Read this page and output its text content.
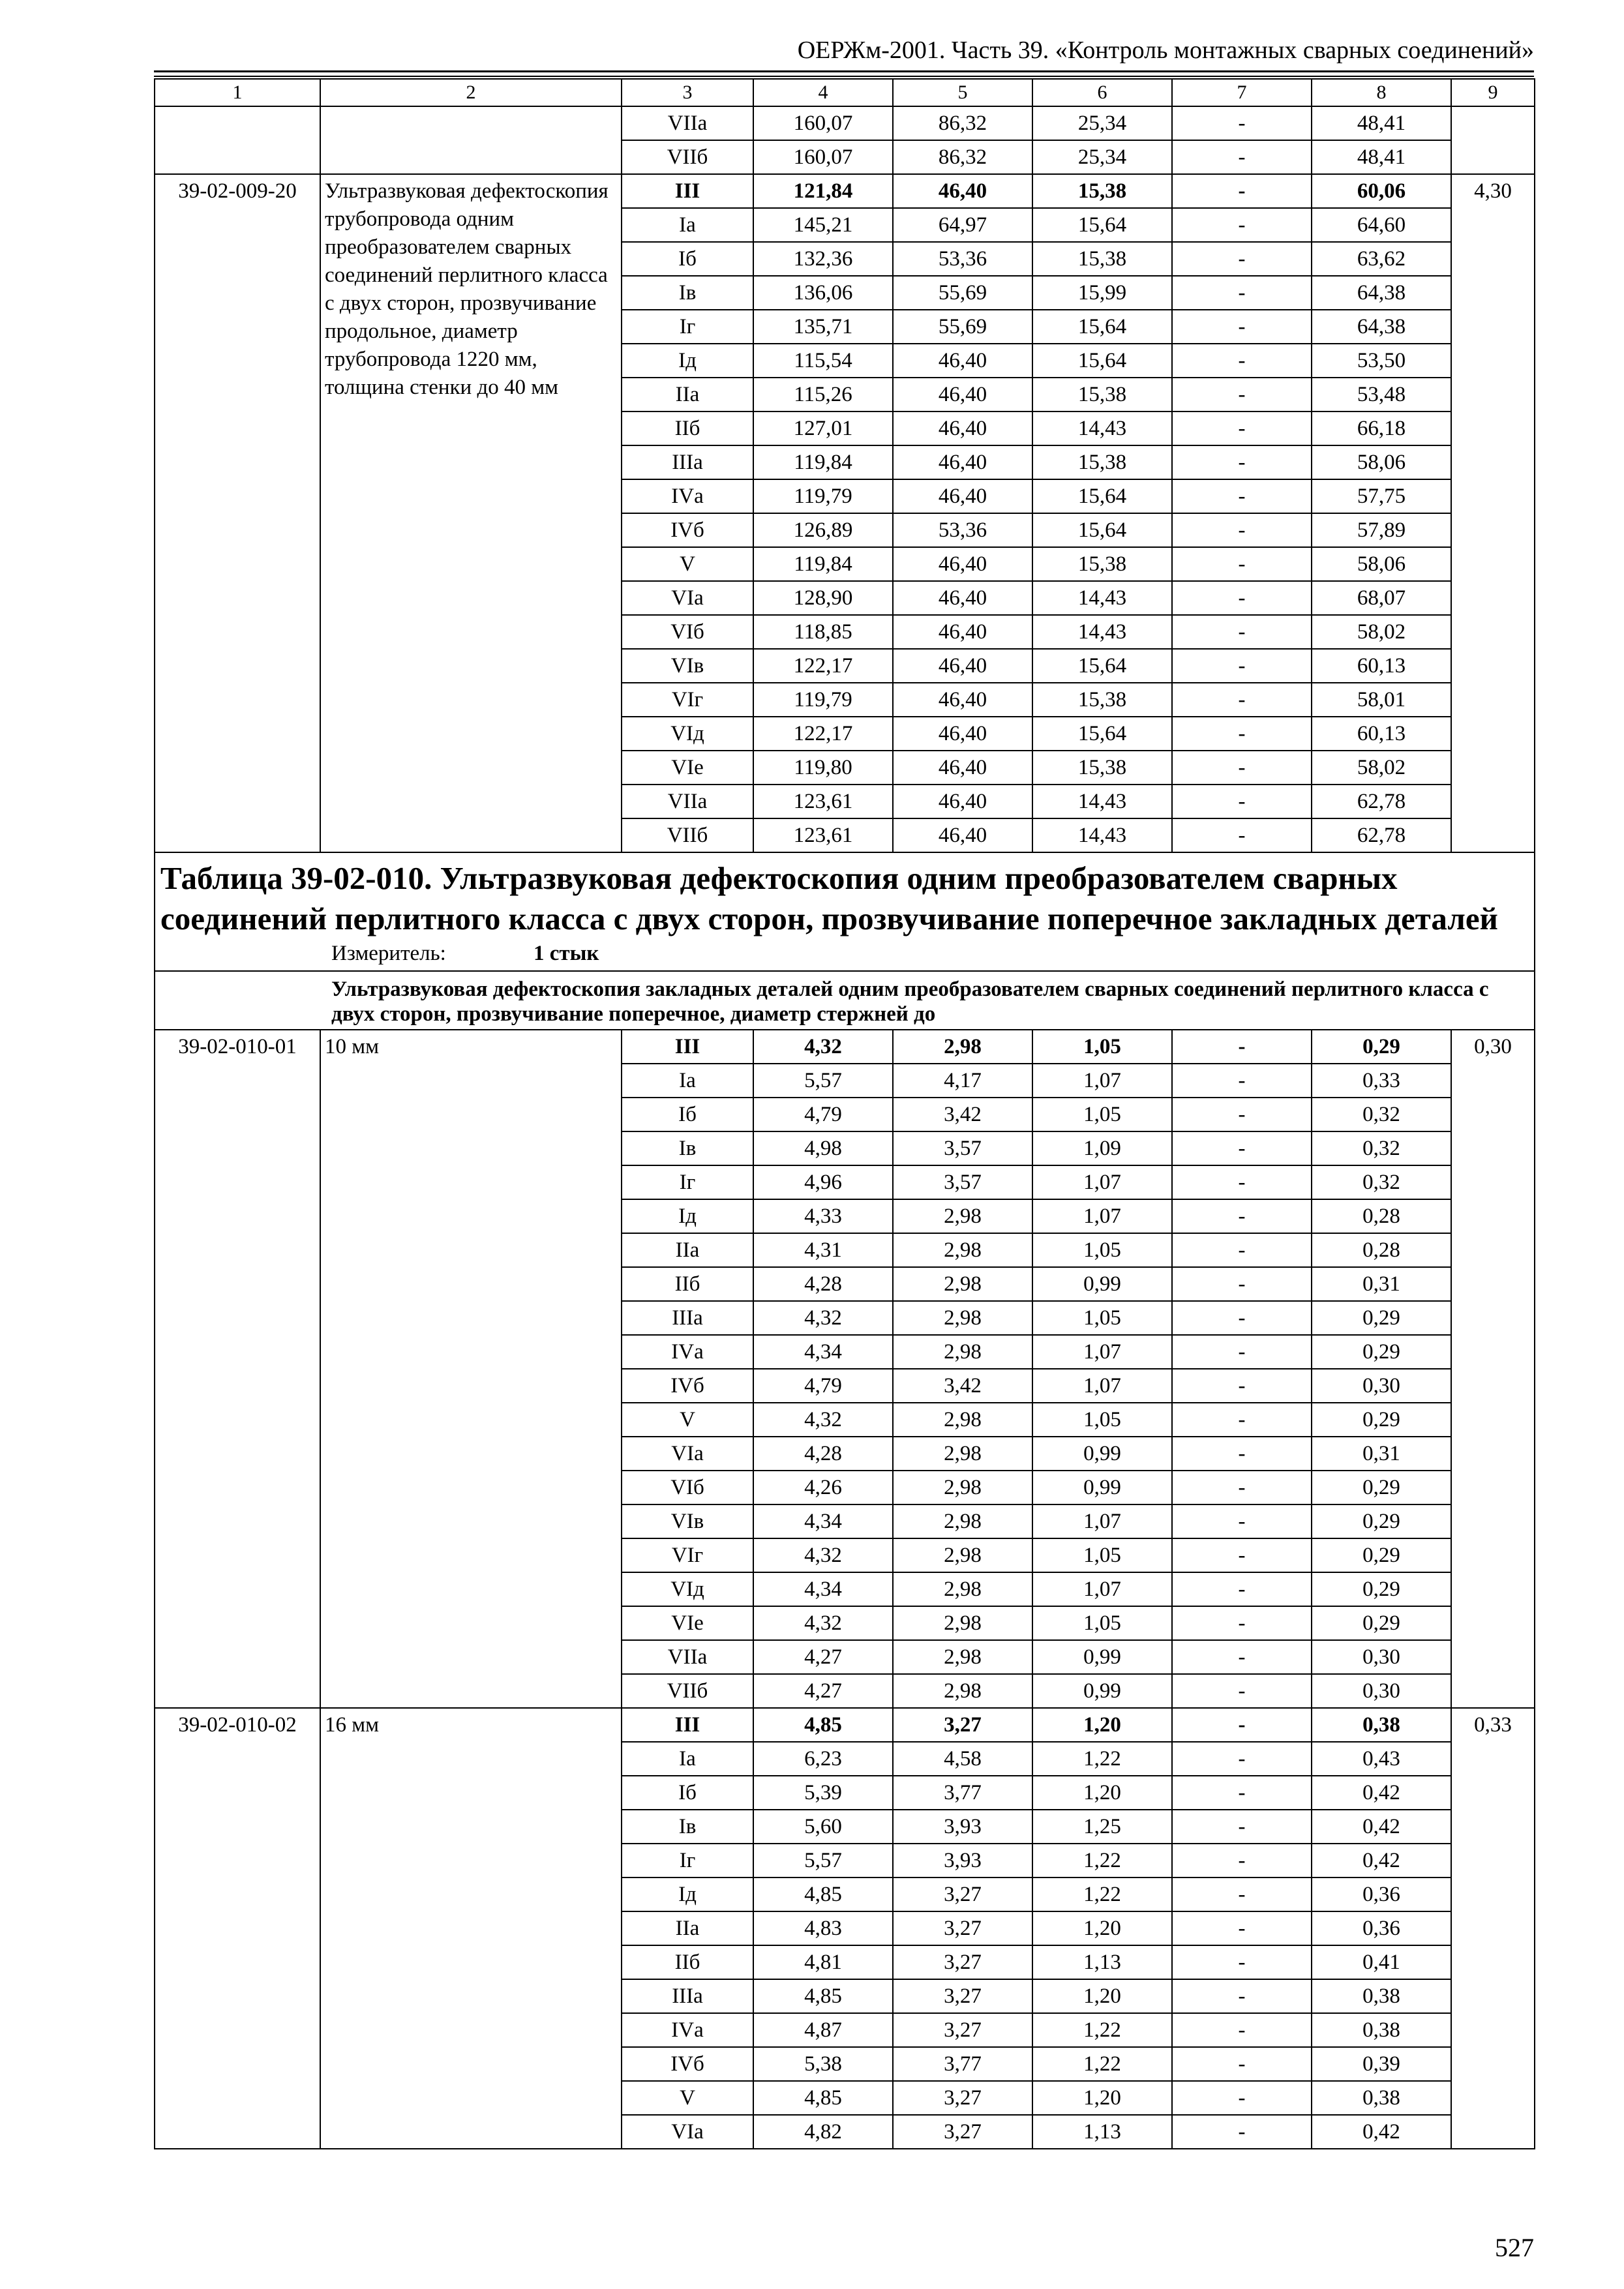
ОЕРЖм-2001. Часть 39. «Контроль монтажных сварных соединений»
1	2	3	4	5	6	7	8	9
		VIIа	160,07	86,32	25,34	-	48,41	
		VIIб	160,07	86,32	25,34	-	48,41	
39-02-009-20	Ультразвуковая дефектоскопия трубопровода одним преобразователем сварных соединений перлитного класса с двух сторон, прозвучивание продольное, диаметр трубопровода 1220 мм, толщина стенки до 40 мм	III	121,84	46,40	15,38	-	60,06	4,30
		Iа	145,21	64,97	15,64	-	64,60	
		Iб	132,36	53,36	15,38	-	63,62	
		Iв	136,06	55,69	15,99	-	64,38	
		Iг	135,71	55,69	15,64	-	64,38	
		Iд	115,54	46,40	15,64	-	53,50	
		IIа	115,26	46,40	15,38	-	53,48	
		IIб	127,01	46,40	14,43	-	66,18	
		IIIа	119,84	46,40	15,38	-	58,06	
		IVа	119,79	46,40	15,64	-	57,75	
		IVб	126,89	53,36	15,64	-	57,89	
		V	119,84	46,40	15,38	-	58,06	
		VIа	128,90	46,40	14,43	-	68,07	
		VIб	118,85	46,40	14,43	-	58,02	
		VIв	122,17	46,40	15,64	-	60,13	
		VIг	119,79	46,40	15,38	-	58,01	
		VIд	122,17	46,40	15,64	-	60,13	
		VIе	119,80	46,40	15,38	-	58,02	
		VIIа	123,61	46,40	14,43	-	62,78	
		VIIб	123,61	46,40	14,43	-	62,78	

Таблица 39-02-010. Ультразвуковая дефектоскопия одним преобразователем сварных соединений перлитного класса с двух сторон, прозвучивание поперечное закладных деталей
Измеритель: 1 стык								

Ультразвуковая дефектоскопия закладных деталей одним преобразователем сварных соединений перлитного класса с двух сторон, прозвучивание поперечное, диаметр стержней до								
39-02-010-01	10 мм	III	4,32	2,98	1,05	-	0,29	0,30
		Iа	5,57	4,17	1,07	-	0,33	
		Iб	4,79	3,42	1,05	-	0,32	
		Iв	4,98	3,57	1,09	-	0,32	
		Iг	4,96	3,57	1,07	-	0,32	
		Iд	4,33	2,98	1,07	-	0,28	
		IIа	4,31	2,98	1,05	-	0,28	
		IIб	4,28	2,98	0,99	-	0,31	
		IIIа	4,32	2,98	1,05	-	0,29	
		IVа	4,34	2,98	1,07	-	0,29	
		IVб	4,79	3,42	1,07	-	0,30	
		V	4,32	2,98	1,05	-	0,29	
		VIа	4,28	2,98	0,99	-	0,31	
		VIб	4,26	2,98	0,99	-	0,29	
		VIв	4,34	2,98	1,07	-	0,29	
		VIг	4,32	2,98	1,05	-	0,29	
		VIд	4,34	2,98	1,07	-	0,29	
		VIе	4,32	2,98	1,05	-	0,29	
		VIIа	4,27	2,98	0,99	-	0,30	
		VIIб	4,27	2,98	0,99	-	0,30	
39-02-010-02	16 мм	III	4,85	3,27	1,20	-	0,38	0,33
		Iа	6,23	4,58	1,22	-	0,43	
		Iб	5,39	3,77	1,20	-	0,42	
		Iв	5,60	3,93	1,25	-	0,42	
		Iг	5,57	3,93	1,22	-	0,42	
		Iд	4,85	3,27	1,22	-	0,36	
		IIа	4,83	3,27	1,20	-	0,36	
		IIб	4,81	3,27	1,13	-	0,41	
		IIIа	4,85	3,27	1,20	-	0,38	
		IVа	4,87	3,27	1,22	-	0,38	
		IVб	5,38	3,77	1,22	-	0,39	
		V	4,85	3,27	1,20	-	0,38	
		VIа	4,82	3,27	1,13	-	0,42	
527
